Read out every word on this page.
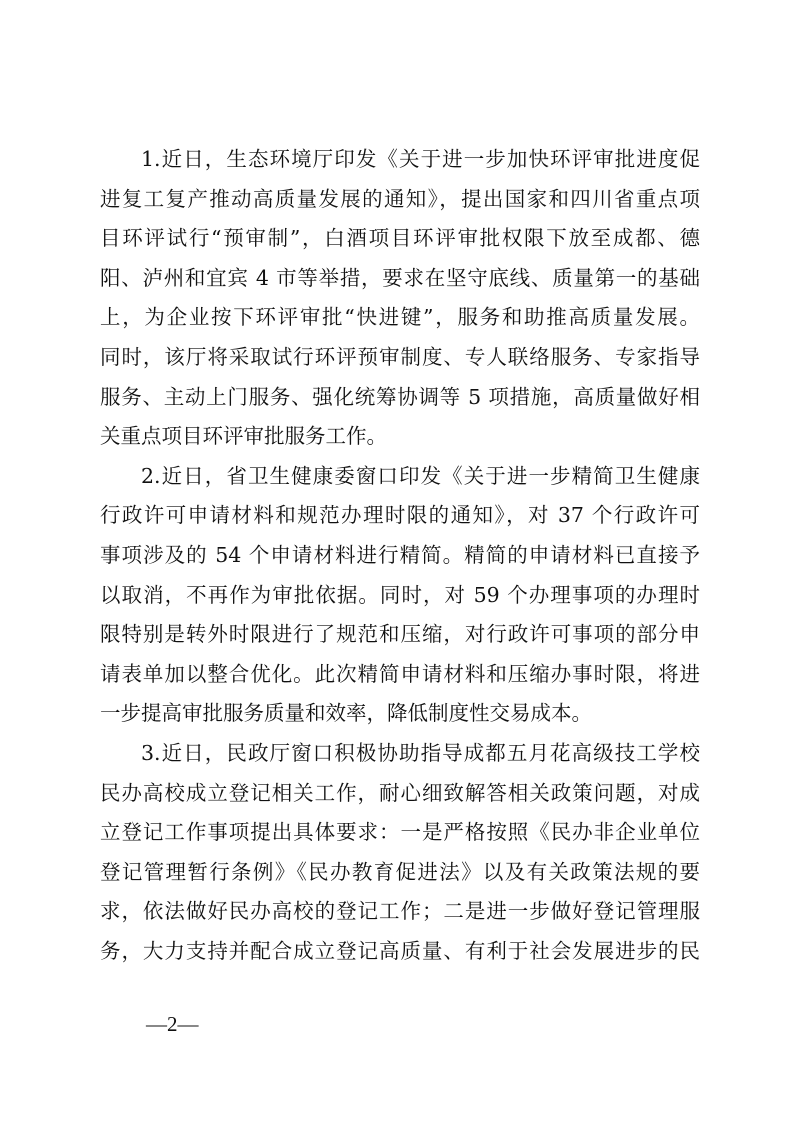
1.近日，生态环境厅印发《关于进一步加快环评审批进度促
进复工复产推动高质量发展的通知》，提出国家和四川省重点项
目环评试行“预审制”，白酒项目环评审批权限下放至成都、德
阳、泸州和宜宾 4 市等举措，要求在坚守底线、质量第一的基础
上，为企业按下环评审批“快进键”，服务和助推高质量发展。
同时，该厅将采取试行环评预审制度、专人联络服务、专家指导
服务、主动上门服务、强化统筹协调等 5 项措施，高质量做好相
关重点项目环评审批服务工作。

2.近日，省卫生健康委窗口印发《关于进一步精简卫生健康
行政许可申请材料和规范办理时限的通知》，对 37 个行政许可
事项涉及的 54 个申请材料进行精简。精简的申请材料已直接予
以取消，不再作为审批依据。同时，对 59 个办理事项的办理时
限特别是转外时限进行了规范和压缩，对行政许可事项的部分申
请表单加以整合优化。此次精简申请材料和压缩办事时限，将进
一步提高审批服务质量和效率，降低制度性交易成本。

3.近日，民政厅窗口积极协助指导成都五月花高级技工学校
民办高校成立登记相关工作，耐心细致解答相关政策问题，对成
立登记工作事项提出具体要求：一是严格按照《民办非企业单位
登记管理暂行条例》《民办教育促进法》以及有关政策法规的要
求，依法做好民办高校的登记工作；二是进一步做好登记管理服
务，大力支持并配合成立登记高质量、有利于社会发展进步的民

—2—
